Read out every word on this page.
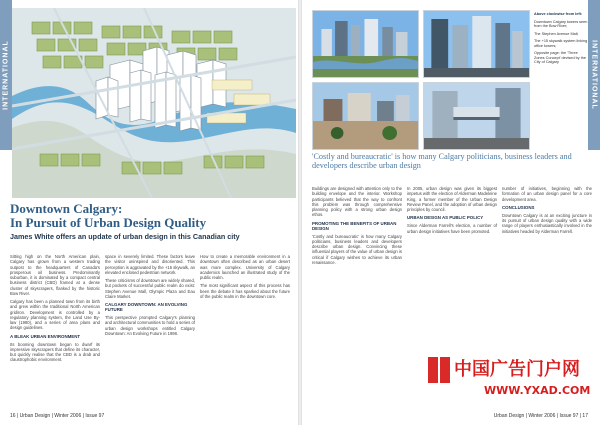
INTERNATIONAL
Downtown Calgary:
In Pursuit of Urban Design Quality

James White offers an update of urban design in this Canadian city

Sitting high on the North American plain, Calgary has grown from a western trading outpost to the headquarters of Canada's prosperous oil business. Predominantly suburban, it is dominated by a compact central business district (CBD) framed at a dense cluster of skyscrapers, flanked by the historic Bow River.

Calgary has been a planned town from its birth and grew within the traditional North American gridiron. Development is controlled by a regulatory planning system, the Land Use By-law (1980), and a series of area plans and design guidelines.

A BLEAK URBAN ENVIRONMENT

Its booming downtown began to dwarf its impressive skyscrapers that define its character, but quickly realise that the CBD is a drab and claustrophobic environment.

space in severely limited. These factors leave the visitor uninspired and disoriented. This perception is aggravated by the +15 skywalk, an elevated enclosed pedestrian network.

These criticisms of downtown are widely shared, but pockets of successful public realm do exist: Stephen Avenue Mall, Olympic Plaza and Eau Claire Market.

CALGARY DOWNTOWN: AN EVOLVING FUTURE

This perspective prompted Calgary's planning and architectural communities to hold a series of urban design workshops entitled Calgary Downtown: An Evolving Future in 1998.

How to create a memorable environment in a downtown often described as an urban desert was more complex. University of Calgary academics launched an illustrated study of the public realm.

The most significant aspect of this process has been the debate it has sparked about the future of the public realm in the downtown core.

16 | Urban Design | Winter 2006 | Issue 97
INTERNATIONAL

Above clockwise from left:

Downtown Calgary towers seen from the Bow River;

The Stephen Avenue Mall;

The +15 skywalk system linking office towers;

Opposite page: the 'Three Zones Concept' devised by the City of Calgary

'Costly and bureaucratic' is how many Calgary politicians, business leaders and developers describe urban design

Buildings are designed with attention only to the building envelope and the interior. Workshop participants believed that the way to confront this problem was through comprehensive planning policy with a strong urban design ethos.

PROMOTING THE BENEFITS OF URBAN DESIGN

'Costly and bureaucratic' is how many Calgary politicians, business leaders and developers describe urban design. Convincing these influential players of the value of urban design is critical if Calgary wishes to achieve its urban renaissance.

In 2005, urban design was given its biggest impetus with the election of Alderman Madeleine King, a former member of the Urban Design Review Panel, and the adoption of urban design principles by council.

URBAN DESIGN AS PUBLIC POLICY

Since Alderman Farrell's election, a number of urban design initiatives have been promoted.

number of initiatives, beginning with the formation of an urban design panel for a core development area.

CONCLUSIONS

Downtown Calgary is at an exciting juncture in its pursuit of urban design quality with a wide range of players enthusiastically involved in the initiatives headed by Alderman Farrell.

Urban Design | Winter 2006 | Issue 97 | 17
中国广告门户网
WWW.YXAD.COM
